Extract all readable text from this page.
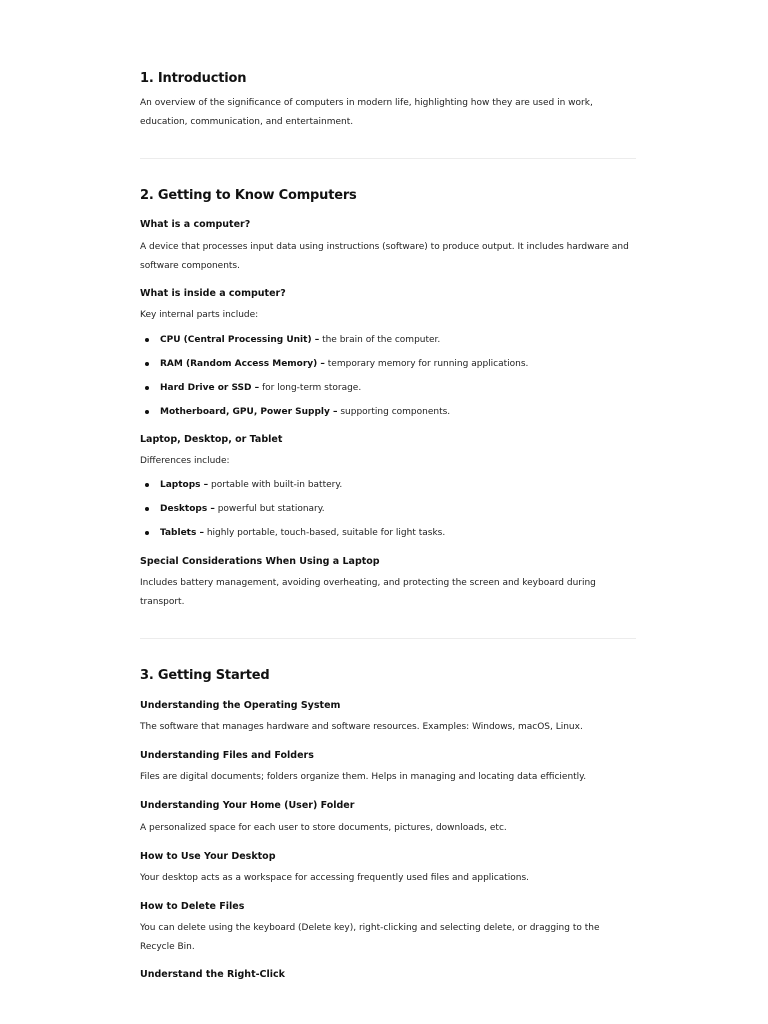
1. Introduction

An overview of the significance of computers in modern life, highlighting how they are used in work, education, communication, and entertainment.

2. Getting to Know Computers
What is a computer?

A device that processes input data using instructions (software) to produce output. It includes hardware and software components.

What is inside a computer?

Key internal parts include:

CPU (Central Processing Unit) – the brain of the computer.
RAM (Random Access Memory) – temporary memory for running applications.
Hard Drive or SSD – for long-term storage.
Motherboard, GPU, Power Supply – supporting components.
Laptop, Desktop, or Tablet

Differences include:

Laptops – portable with built-in battery.
Desktops – powerful but stationary.
Tablets – highly portable, touch-based, suitable for light tasks.
Special Considerations When Using a Laptop

Includes battery management, avoiding overheating, and protecting the screen and keyboard during transport.

3. Getting Started
Understanding the Operating System

The software that manages hardware and software resources. Examples: Windows, macOS, Linux.

Understanding Files and Folders

Files are digital documents; folders organize them. Helps in managing and locating data efficiently.

Understanding Your Home (User) Folder

A personalized space for each user to store documents, pictures, downloads, etc.

How to Use Your Desktop

Your desktop acts as a workspace for accessing frequently used files and applications.

How to Delete Files

You can delete using the keyboard (Delete key), right-clicking and selecting delete, or dragging to the Recycle Bin.

Understand the Right-Click
